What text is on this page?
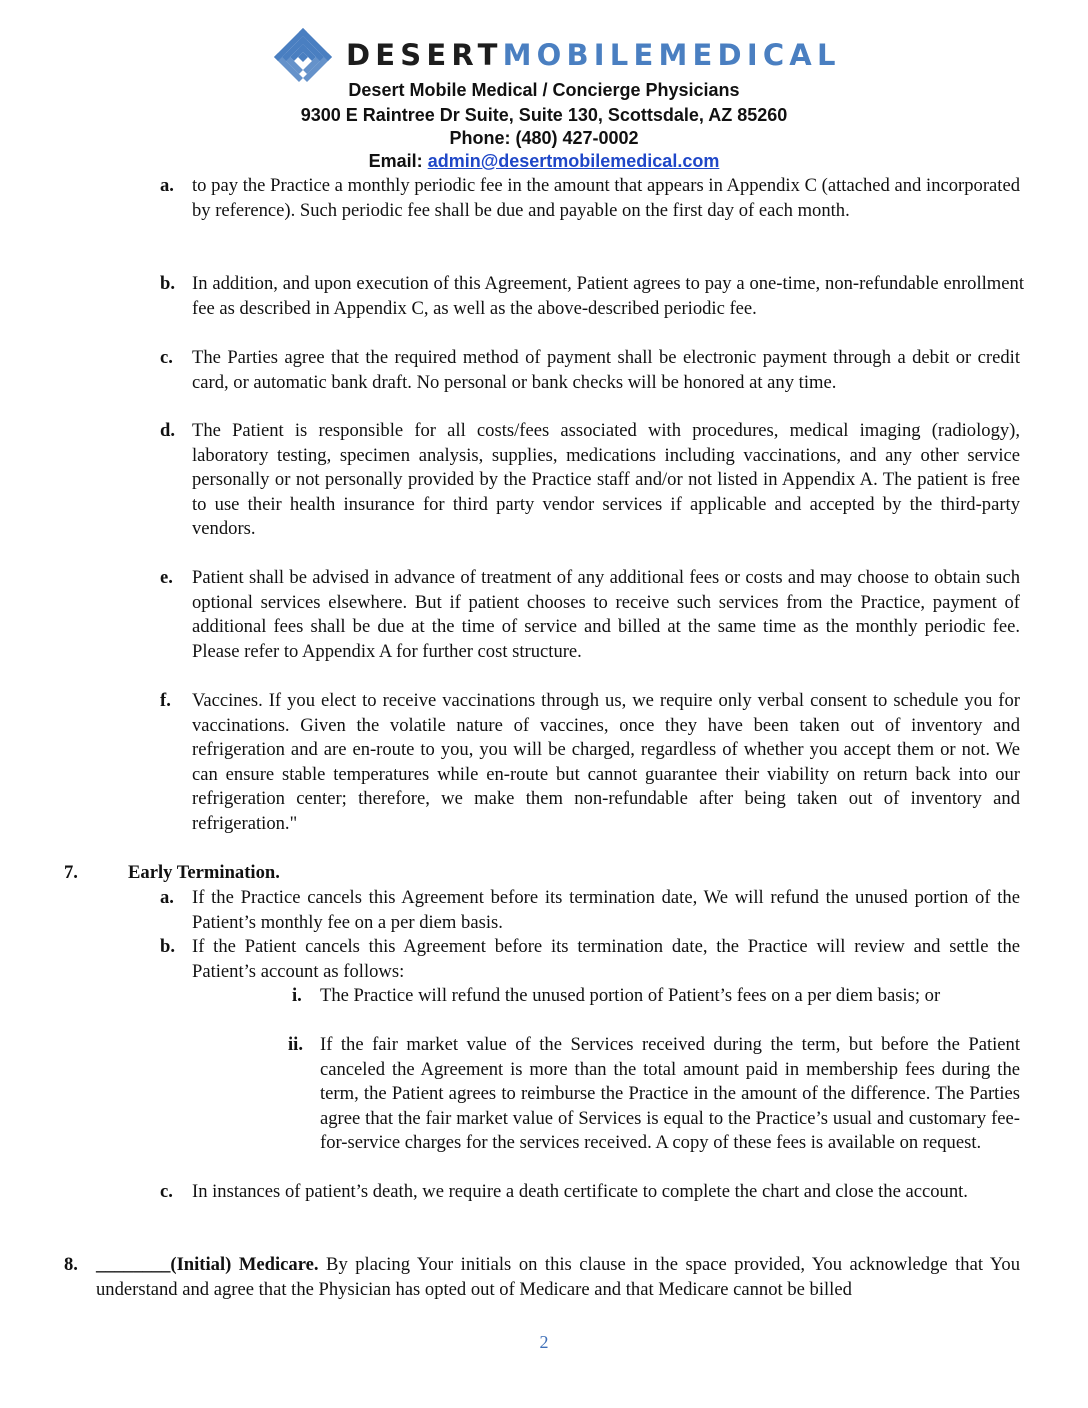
DESERTMOBILEMEDICAL
Desert Mobile Medical / Concierge Physicians
9300 E Raintree Dr Suite, Suite 130, Scottsdale, AZ 85260
Phone: (480) 427-0002
Email: admin@desertmobilemedical.com
a. to pay the Practice a monthly periodic fee in the amount that appears in Appendix C (attached and incorporated by reference). Such periodic fee shall be due and payable on the first day of each month.
b. In addition, and upon execution of this Agreement, Patient agrees to pay a one-time, non-refundable enrollment fee as described in Appendix C, as well as the above-described periodic fee.
c. The Parties agree that the required method of payment shall be electronic payment through a debit or credit card, or automatic bank draft. No personal or bank checks will be honored at any time.
d. The Patient is responsible for all costs/fees associated with procedures, medical imaging (radiology), laboratory testing, specimen analysis, supplies, medications including vaccinations, and any other service personally or not personally provided by the Practice staff and/or not listed in Appendix A. The patient is free to use their health insurance for third party vendor services if applicable and accepted by the third-party vendors.
e. Patient shall be advised in advance of treatment of any additional fees or costs and may choose to obtain such optional services elsewhere. But if patient chooses to receive such services from the Practice, payment of additional fees shall be due at the time of service and billed at the same time as the monthly periodic fee. Please refer to Appendix A for further cost structure.
f. Vaccines. If you elect to receive vaccinations through us, we require only verbal consent to schedule you for vaccinations. Given the volatile nature of vaccines, once they have been taken out of inventory and refrigeration and are en-route to you, you will be charged, regardless of whether you accept them or not. We can ensure stable temperatures while en-route but cannot guarantee their viability on return back into our refrigeration center; therefore, we make them non-refundable after being taken out of inventory and refrigeration."
7.	Early Termination.
a. If the Practice cancels this Agreement before its termination date, We will refund the unused portion of the Patient’s monthly fee on a per diem basis.
b. If the Patient cancels this Agreement before its termination date, the Practice will review and settle the Patient’s account as follows:
i. The Practice will refund the unused portion of Patient’s fees on a per diem basis; or
ii. If the fair market value of the Services received during the term, but before the Patient canceled the Agreement is more than the total amount paid in membership fees during the term, the Patient agrees to reimburse the Practice in the amount of the difference. The Parties agree that the fair market value of Services is equal to the Practice’s usual and customary fee-for-service charges for the services received. A copy of these fees is available on request.
c. In instances of patient’s death, we require a death certificate to complete the chart and close the account.
8. ________(Initial) Medicare. By placing Your initials on this clause in the space provided, You acknowledge that You understand and agree that the Physician has opted out of Medicare and that Medicare cannot be billed
2
